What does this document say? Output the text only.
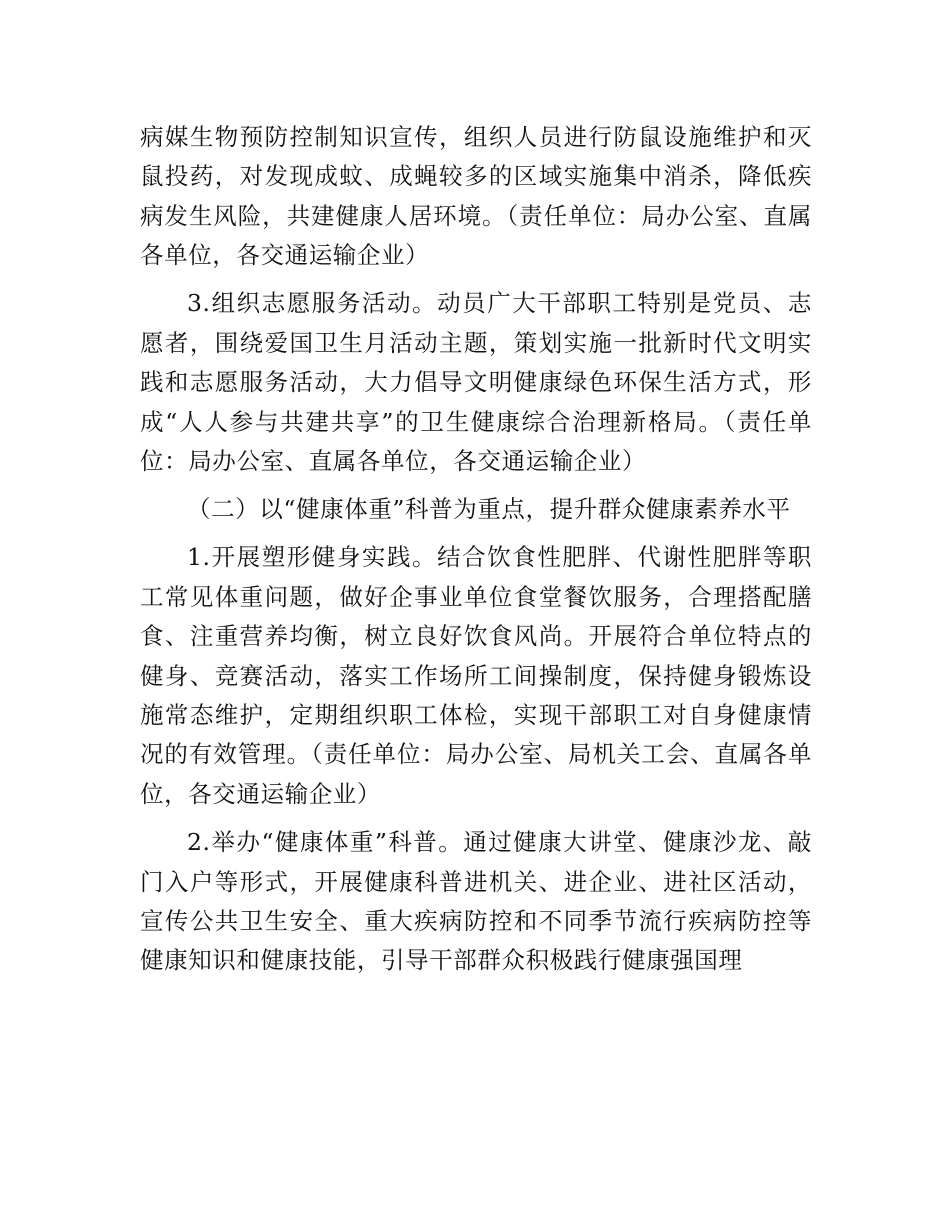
病媒生物预防控制知识宣传，组织人员进行防鼠设施维护和灭鼠投药，对发现成蚊、成蝇较多的区域实施集中消杀，降低疾病发生风险，共建健康人居环境。（责任单位：局办公室、直属各单位，各交通运输企业）

3.组织志愿服务活动。动员广大干部职工特别是党员、志愿者，围绕爱国卫生月活动主题，策划实施一批新时代文明实践和志愿服务活动，大力倡导文明健康绿色环保生活方式，形成“人人参与共建共享”的卫生健康综合治理新格局。（责任单位：局办公室、直属各单位，各交通运输企业）

（二）以“健康体重”科普为重点，提升群众健康素养水平

1.开展塑形健身实践。结合饮食性肥胖、代谢性肥胖等职工常见体重问题，做好企事业单位食堂餐饮服务，合理搭配膳食、注重营养均衡，树立良好饮食风尚。开展符合单位特点的健身、竞赛活动，落实工作场所工间操制度，保持健身锻炼设施常态维护，定期组织职工体检，实现干部职工对自身健康情况的有效管理。（责任单位：局办公室、局机关工会、直属各单位，各交通运输企业）

2.举办“健康体重”科普。通过健康大讲堂、健康沙龙、敲门入户等形式，开展健康科普进机关、进企业、进社区活动，宣传公共卫生安全、重大疾病防控和不同季节流行疾病防控等健康知识和健康技能，引导干部群众积极践行健康强国理
